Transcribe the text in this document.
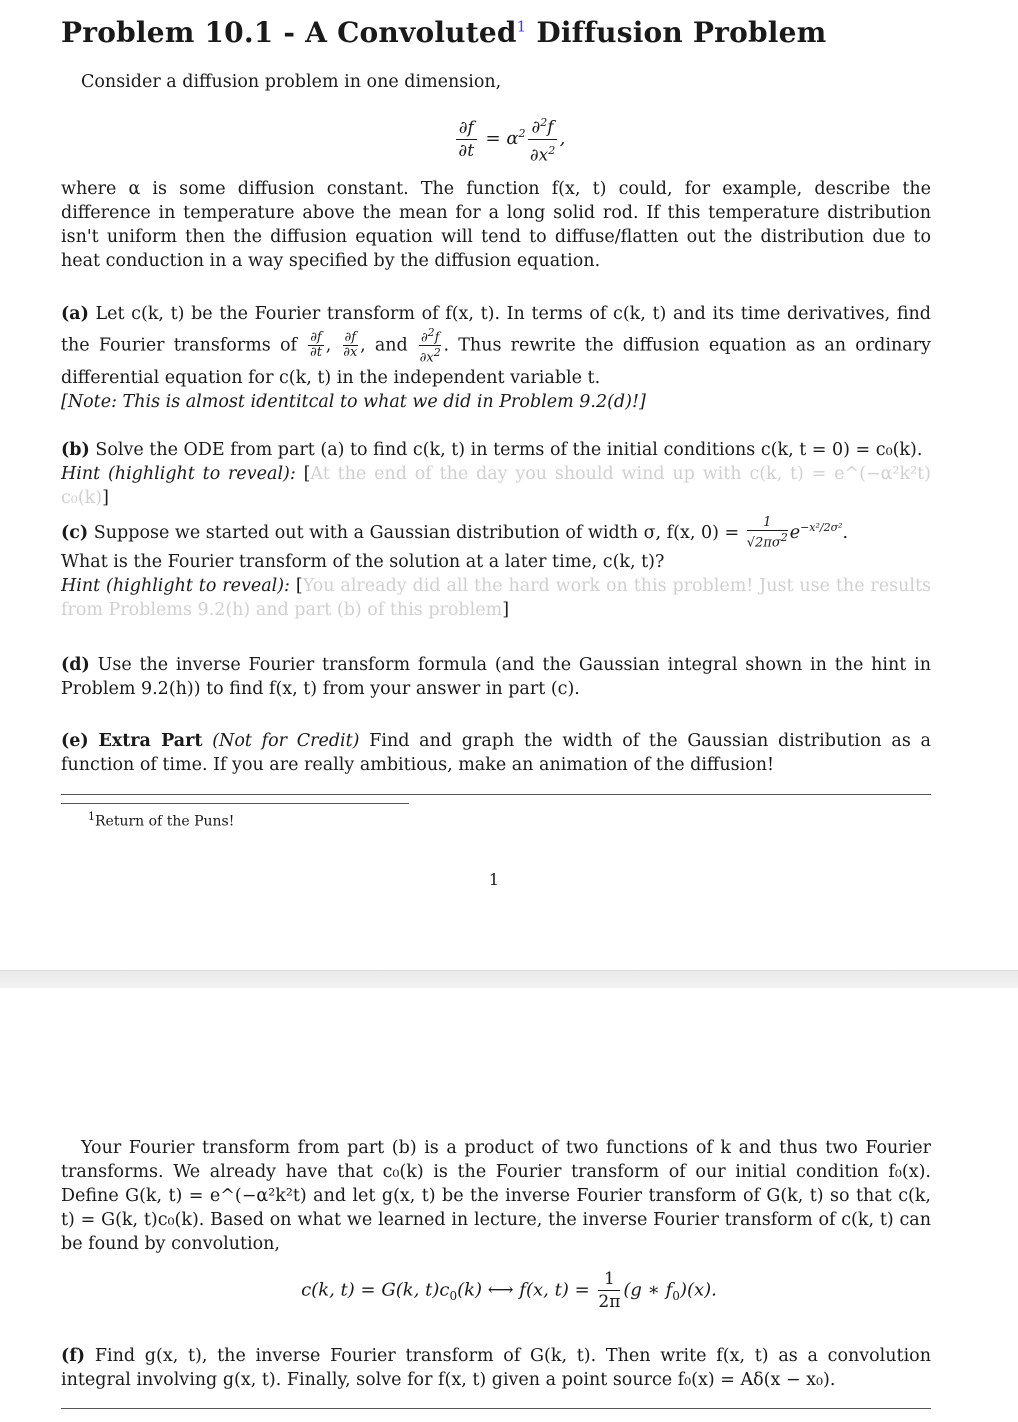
Problem 10.1 - A Convoluted$^1$ Diffusion Problem

Consider a diffusion problem in one dimension,

$\frac{\partial f}{\partial t} = \alpha^2 \frac{\partial^2f}{\partial x^2}$ ,

where α is some diffusion constant. The function f(x, t) could, for example, describe the difference in temperature above the mean for a long solid rod. If this temperature distribution isn't uniform then the diffusion equation will tend to diffuse/flatten out the distribution due to heat conduction in a way specified by the diffusion equation.

(a) Let c(k, t) be the Fourier transform of f(x, t). In terms of c(k, t) and its time derivatives, find the Fourier transforms of $\frac{\partial f}{\partial t}$ , $\frac{\partial f}{\partial x}$ , and $\frac{\partial^2f}{\partial x^2}$ . Thus rewrite the diffusion equation as an ordinary differential equation for c(k, t) in the independent variable t.
[Note: This is almost identitcal to what we did in Problem 9.2(d)!]
(b) Solve the ODE from part (a) to find c(k, t) in terms of the initial conditions c(k, t = 0) = c₀(k).
Hint (highlight to reveal): [At the end of the day you should wind up with c(k, t) = e^(−α²k²t) c₀(k)]
(c) Suppose we started out with a Gaussian distribution of width σ, f(x, $0) = \frac{1}{√2\pi\sigma^2} e^{-x^2/2\sigma^2}$.
What is the Fourier transform of the solution at a later time, c(k, t)?
Hint (highlight to reveal): [You already did all the hard work on this problem! Just use the results from Problems 9.2(h) and part (b) of this problem]
(d) Use the inverse Fourier transform formula (and the Gaussian integral shown in the hint in Problem 9.2(h)) to find f(x, t) from your answer in part (c).
(e) Extra Part (Not for Credit) Find and graph the width of the Gaussian distribution as a function of time. If you are really ambitious, make an animation of the diffusion!

$^1$Return of the Puns!

1

Your Fourier transform from part (b) is a product of two functions of k and thus two Fourier transforms. We already have that c₀(k) is the Fourier transform of our initial condition f₀(x). Define G(k, t) = e^(−α²k²t) and let g(x, t) be the inverse Fourier transform of G(k, t) so that c(k, t) = G(k, t)c₀(k). Based on what we learned in lecture, the inverse Fourier transform of c(k, t) can be found by convolution,

c(k, t) = G(k, $t)c_0(k)$ ⟷ f(x, $t) = \frac{1}{2\pi} (g$ ∗ $f_0)(x)$.
(f) Find g(x, t), the inverse Fourier transform of G(k, t). Then write f(x, t) as a convolution integral involving g(x, t). Finally, solve for f(x, t) given a point source f₀(x) = Aδ(x − x₀).
